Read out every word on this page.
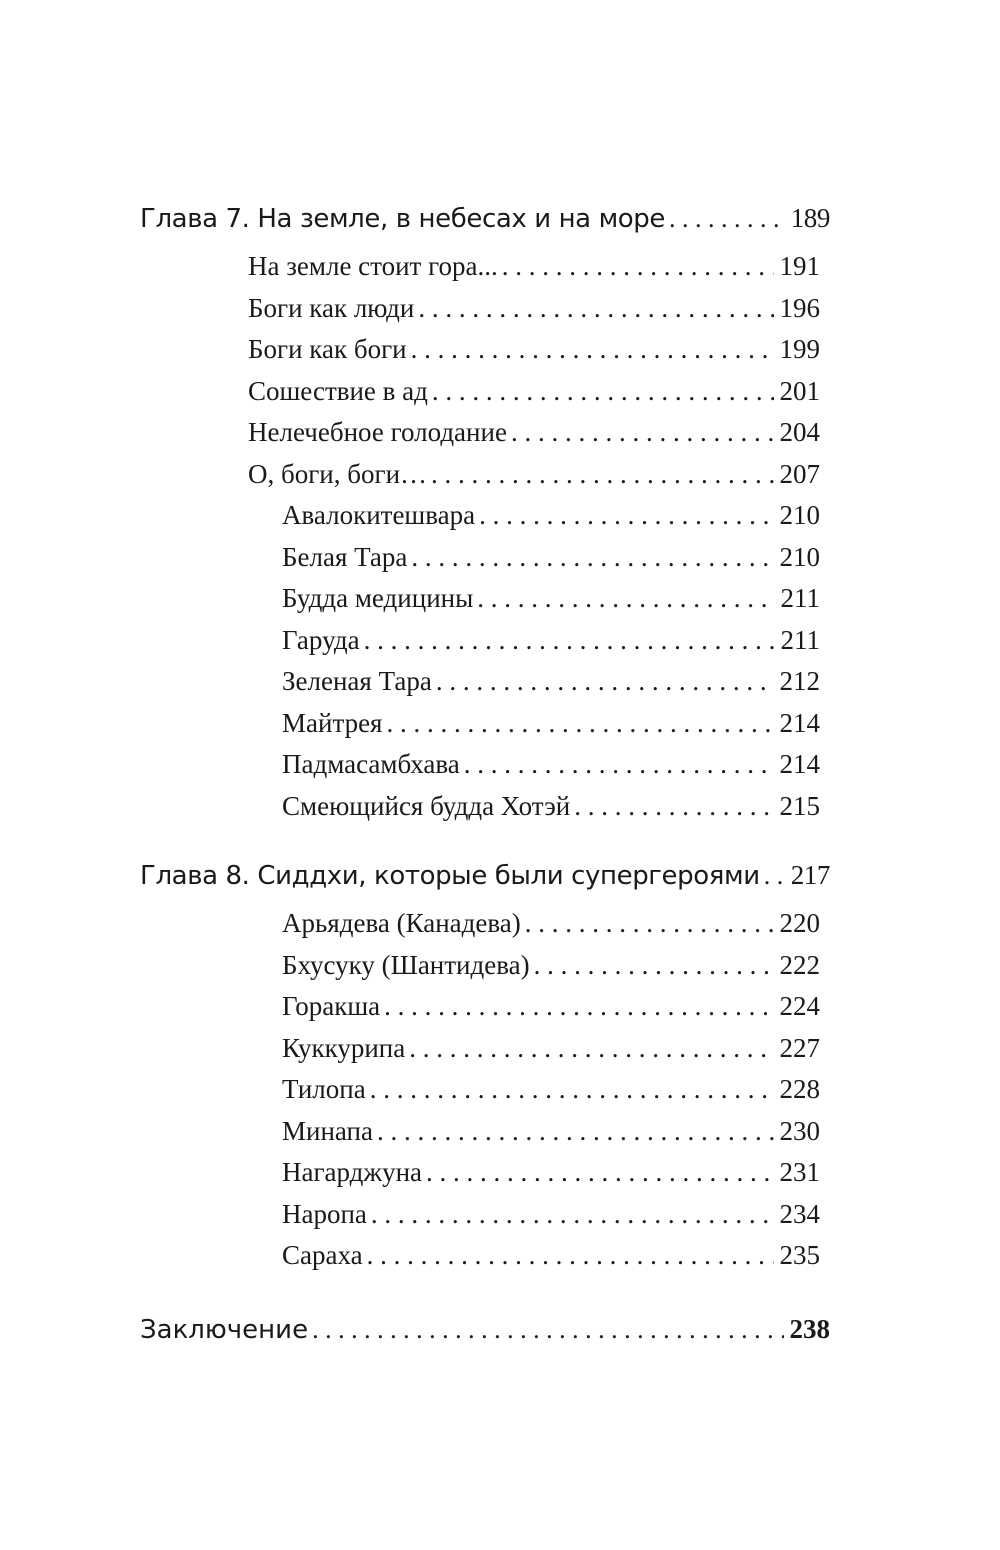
Глава 7. На земле, в небесах и на море . . .	189
На земле стоит гора... . . .	191
Боги как люди . . .	196
Боги как боги . . .	199
Сошествие в ад . . .	201
Нелечебное голодание . . .	204
О, боги, боги… . . .	207
Авалокитешвара . . .	210
Белая Тара . . .	210
Будда медицины . . .	211
Гаруда . . .	211
Зеленая Тара . . .	212
Майтрея . . .	214
Падмасамбхава . . .	214
Смеющийся будда Хотэй . . .	215
Глава 8. Сиддхи, которые были супергероями . . . 217
Арьядева (Канадева) . . .	220
Бхусуку (Шантидева) . . .	222
Горакша . . .	224
Куккурипа . . .	227
Тилопа . . .	228
Минапа . . .	230
Нагарджуна . . .	231
Наропа . . .	234
Сараха . . .	235
Заключение . . .	238
